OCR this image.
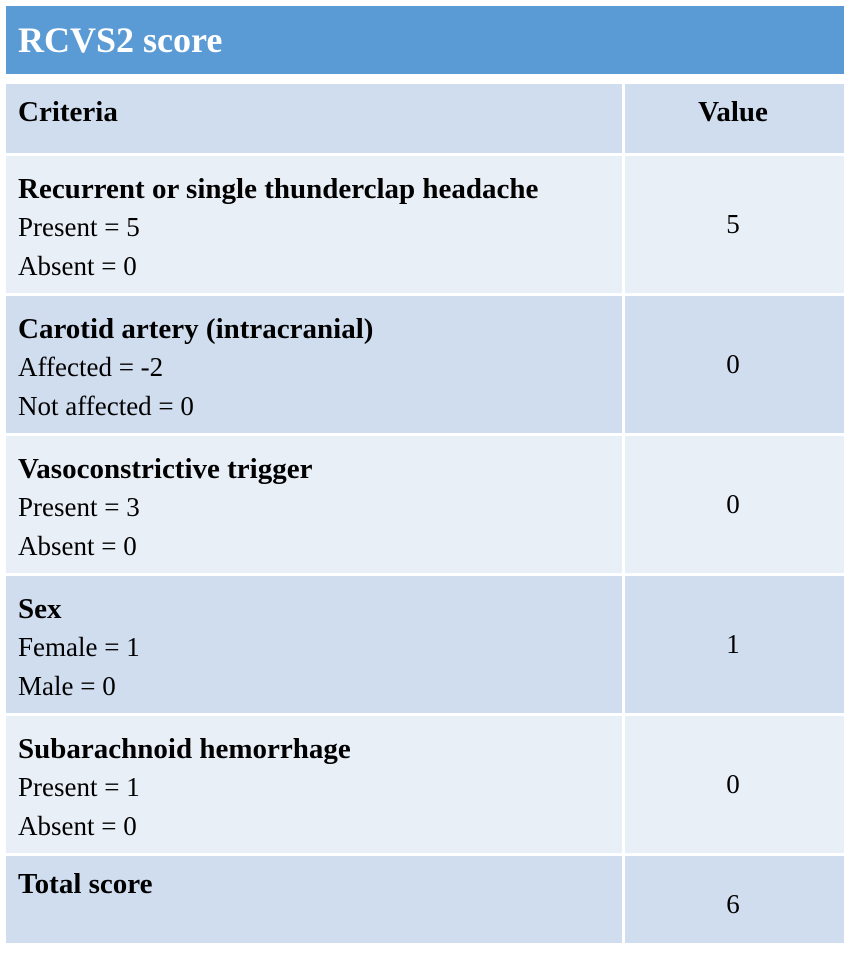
RCVS2 score
Criteria	Value
Recurrent or single thunderclap headache
Present = 5
Absent = 0
5
Carotid artery (intracranial)
Affected = -2
Not affected = 0
0
Vasoconstrictive trigger
Present = 3
Absent = 0
0
Sex
Female = 1
Male = 0
1
Subarachnoid hemorrhage
Present = 1
Absent = 0
0
Total score
6
